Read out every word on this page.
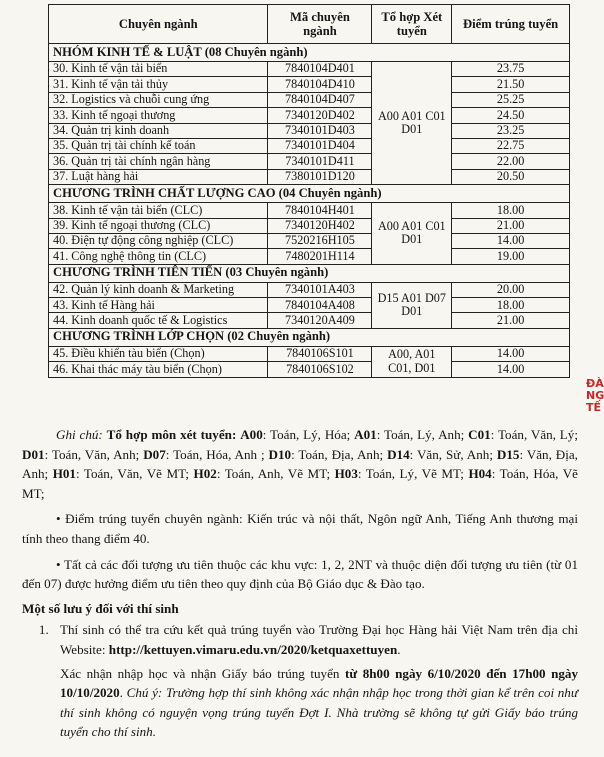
Chuyên ngành	Mã chuyên ngành	Tổ hợp Xét tuyển	Điểm trúng tuyển
NHÓM KINH TẾ & LUẬT (08 Chuyên ngành)			
30. Kinh tế vận tải biển	7840104D401	A00 A01 C01 D01	23.75
31. Kinh tế vận tải thủy	7840104D410		21.50
32. Logistics và chuỗi cung ứng	7840104D407		25.25
33. Kinh tế ngoại thương	7340120D402		24.50
34. Quản trị kinh doanh	7340101D403		23.25
35. Quản trị tài chính kế toán	7340101D404		22.75
36. Quản trị tài chính ngân hàng	7340101D411		22.00
37. Luật hàng hải	7380101D120		20.50
CHƯƠNG TRÌNH CHẤT LƯỢNG CAO (04 Chuyên ngành)			
38. Kinh tế vận tải biển (CLC)	7840104H401	A00 A01 C01 D01	18.00
39. Kinh tế ngoại thương (CLC)	7340120H402		21.00
40. Điện tự động công nghiệp (CLC)	7520216H105		14.00
41. Công nghệ thông tin (CLC)	7480201H114		19.00
CHƯƠNG TRÌNH TIÊN TIẾN (03 Chuyên ngành)			
42. Quản lý kinh doanh & Marketing	7340101A403	D15 A01 D07 D01	20.00
43. Kinh tế Hàng hải	7840104A408		18.00
44. Kinh doanh quốc tế & Logistics	7340120A409		21.00
CHƯƠNG TRÌNH LỚP CHỌN (02 Chuyên ngành)			
45. Điều khiển tàu biển (Chọn)	7840106S101	A00, A01 C01, D01	14.00
46. Khai thác máy tàu biển (Chọn)	7840106S102		14.00

Ghi chú: Tổ hợp môn xét tuyển: A00: Toán, Lý, Hóa; A01: Toán, Lý, Anh; C01: Toán, Văn, Lý; D01: Toán, Văn, Anh; D07: Toán, Hóa, Anh ; D10: Toán, Địa, Anh; D14: Văn, Sử, Anh; D15: Văn, Địa, Anh; H01: Toán, Văn, Vẽ MT; H02: Toán, Anh, Vẽ MT; H03: Toán, Lý, Vẽ MT; H04: Toán, Hóa, Vẽ MT;

• Điểm trúng tuyển chuyên ngành: Kiến trúc và nội thất, Ngôn ngữ Anh, Tiếng Anh thương mại tính theo thang điểm 40.

• Tất cả các đối tượng ưu tiên thuộc các khu vực: 1, 2, 2NT và thuộc diện đối tượng ưu tiên (từ 01 đến 07) được hưởng điểm ưu tiên theo quy định của Bộ Giáo dục & Đào tạo.

Một số lưu ý đối với thí sinh

1. Thí sinh có thể tra cứu kết quả trúng tuyển vào Trường Đại học Hàng hải Việt Nam trên địa chỉ Website: http://kettuyen.vimaru.edu.vn/2020/ketquaxettuyen.

Xác nhận nhập học và nhận Giấy báo trúng tuyển từ 8h00 ngày 6/10/2020 đến 17h00 ngày 10/10/2020. Chú ý: Trường hợp thí sinh không xác nhận nhập học trong thời gian kể trên coi như thí sinh không có nguyện vọng trúng tuyển Đợt I. Nhà trường sẽ không tự gửi Giấy báo trúng tuyển cho thí sinh.

ĐÀ NG TẾ
